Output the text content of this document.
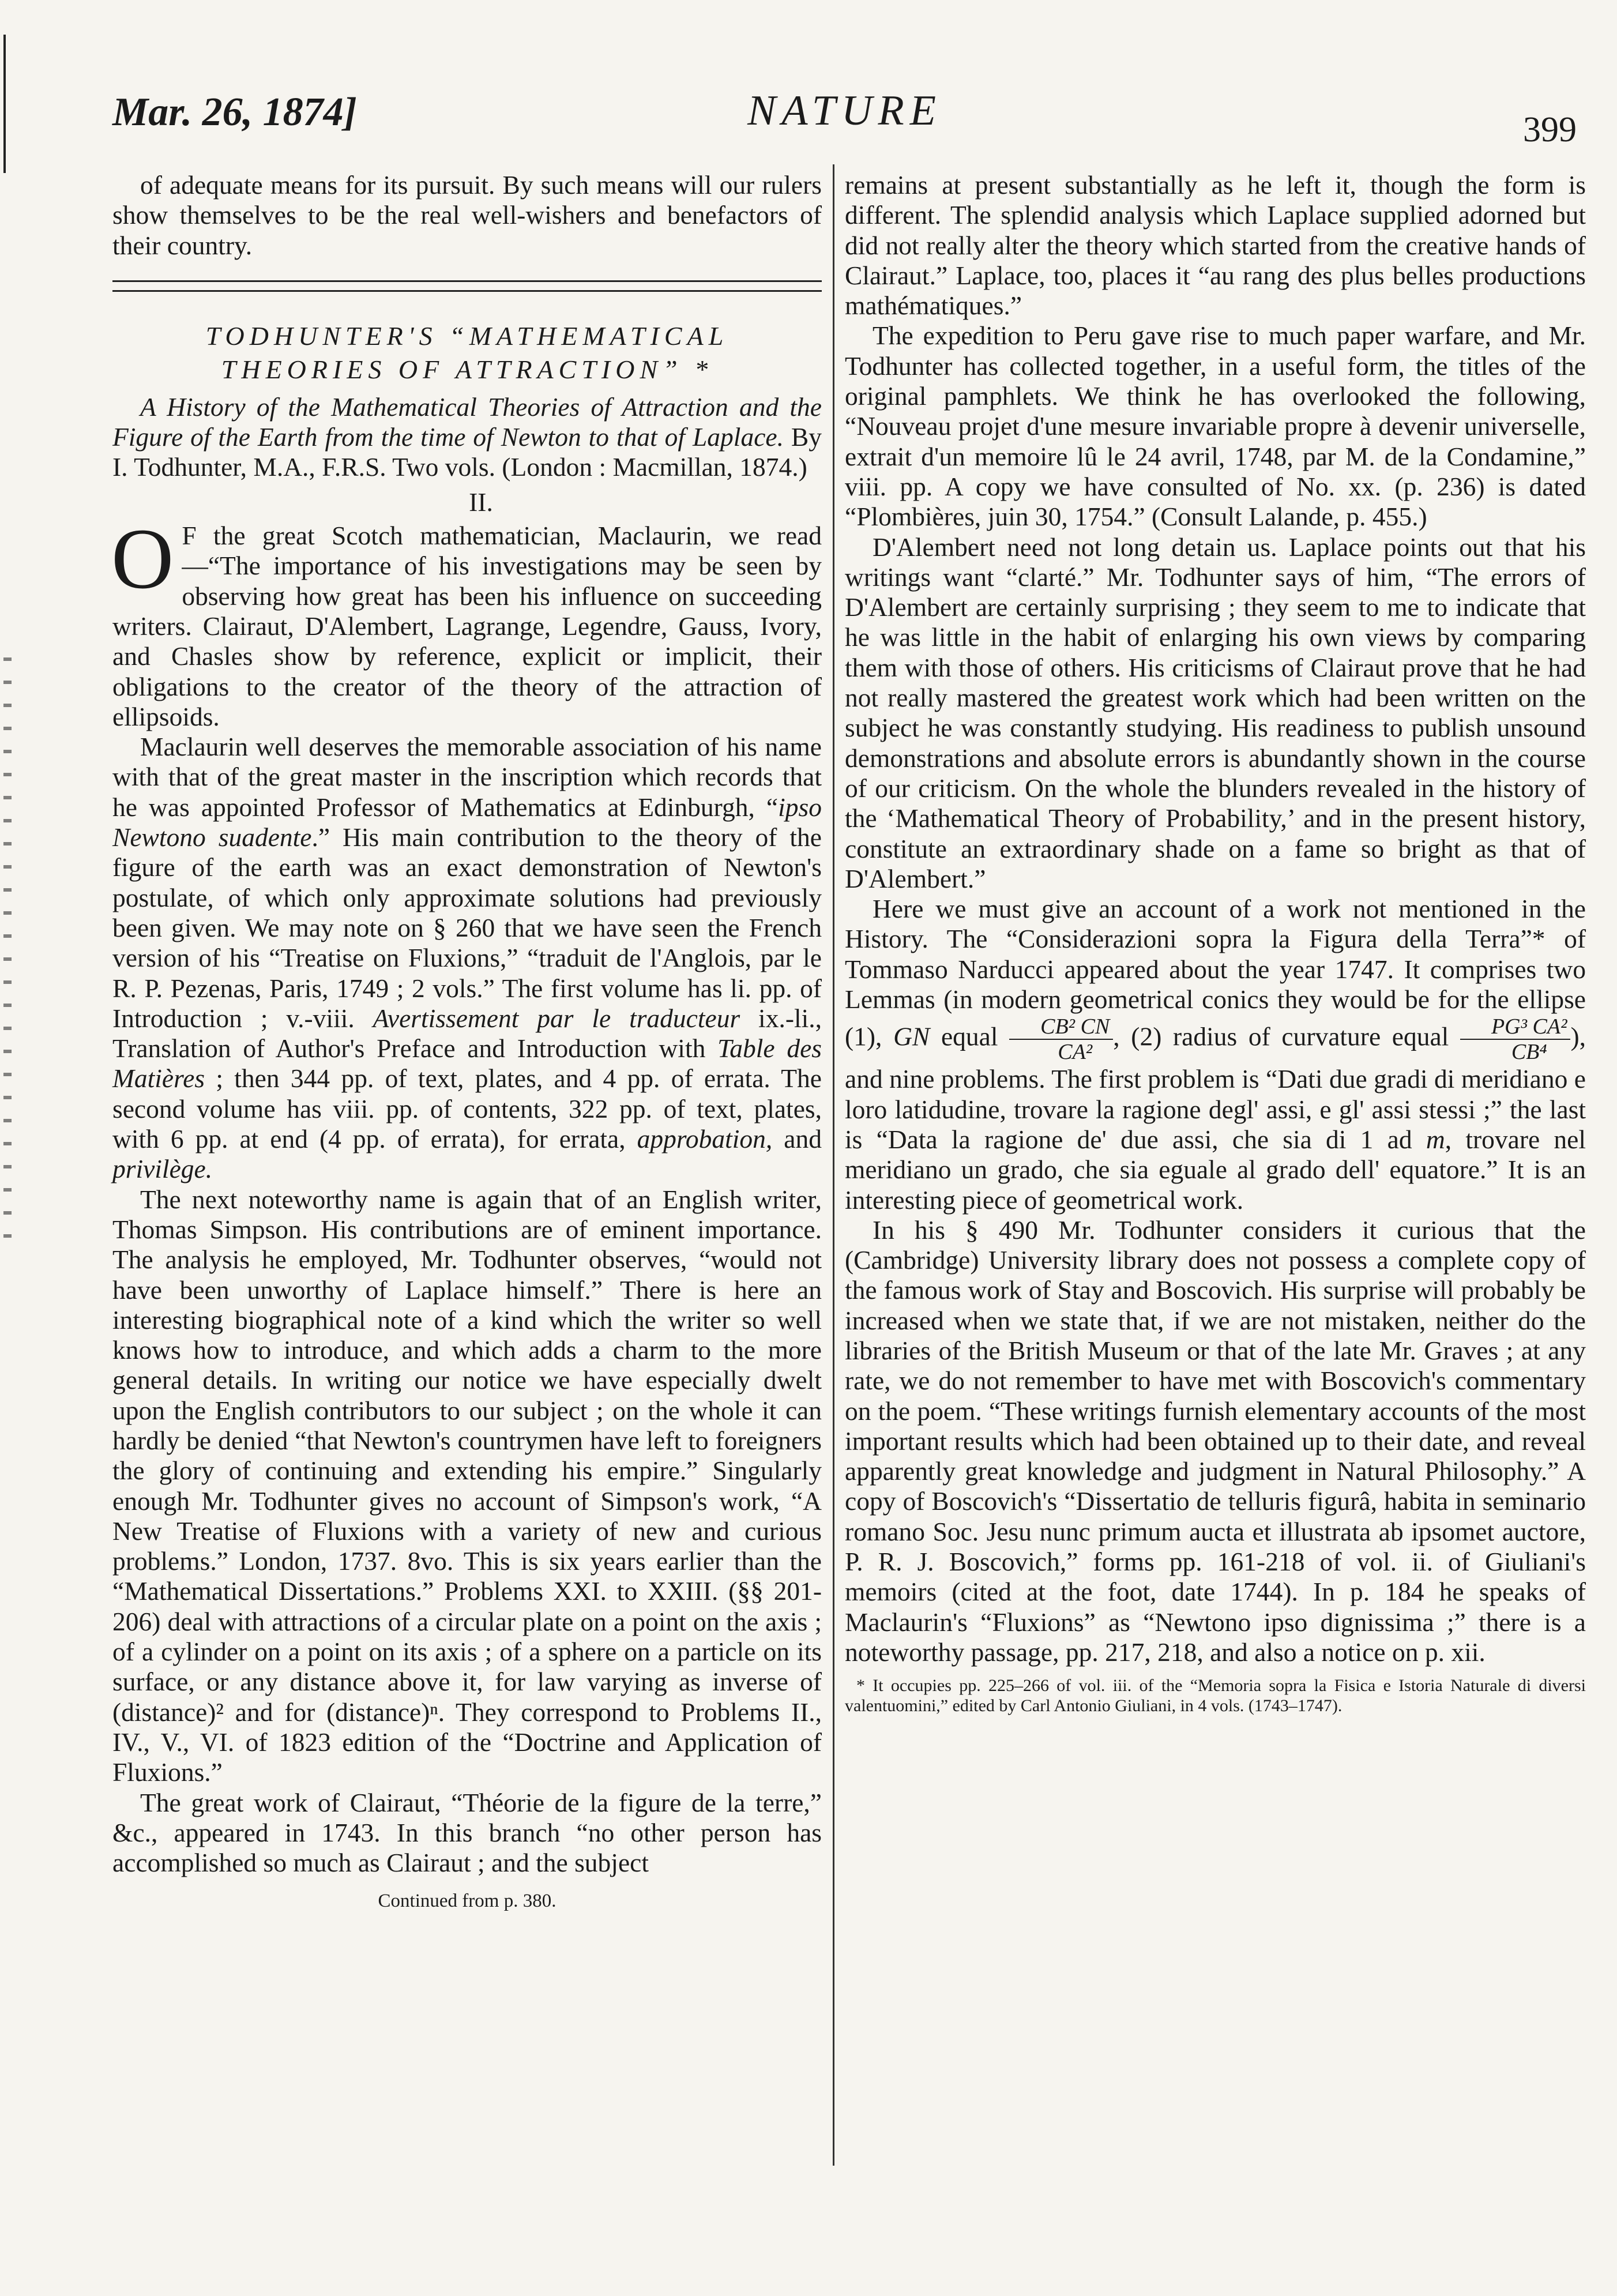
Mar. 26, 1874]	NATURE	399

of adequate means for its pursuit. By such means will our rulers show themselves to be the real well-wishers and benefactors of their country.

TODHUNTER'S “MATHEMATICAL
THEORIES OF ATTRACTION” *

A History of the Mathematical Theories of Attraction and the Figure of the Earth from the time of Newton to that of Laplace. By I. Todhunter, M.A., F.R.S. Two vols. (London : Macmillan, 1874.)

II.

O F the great Scotch mathematician, Maclaurin, we read—“The importance of his investigations may be seen by observing how great has been his influence on succeeding writers. Clairaut, D'Alembert, Lagrange, Legendre, Gauss, Ivory, and Chasles show by reference, explicit or implicit, their obligations to the creator of the theory of the attraction of ellipsoids.

Maclaurin well deserves the memorable association of his name with that of the great master in the inscription which records that he was appointed Professor of Mathematics at Edinburgh, “ipso Newtono suadente.” His main contribution to the theory of the figure of the earth was an exact demonstration of Newton's postulate, of which only approximate solutions had previously been given. We may note on § 260 that we have seen the French version of his “Treatise on Fluxions,” “traduit de l'Anglois, par le R. P. Pezenas, Paris, 1749 ; 2 vols.” The first volume has li. pp. of Introduction ; v.-viii. Avertissement par le traducteur ix.-li., Translation of Author's Preface and Introduction with Table des Matières ; then 344 pp. of text, plates, and 4 pp. of errata. The second volume has viii. pp. of contents, 322 pp. of text, plates, with 6 pp. at end (4 pp. of errata), for errata, approbation, and privilège.

The next noteworthy name is again that of an English writer, Thomas Simpson. His contributions are of eminent importance. The analysis he employed, Mr. Todhunter observes, “would not have been unworthy of Laplace himself.” There is here an interesting biographical note of a kind which the writer so well knows how to introduce, and which adds a charm to the more general details. In writing our notice we have especially dwelt upon the English contributors to our subject ; on the whole it can hardly be denied “that Newton's countrymen have left to foreigners the glory of continuing and extending his empire.” Singularly enough Mr. Todhunter gives no account of Simpson's work, “A New Treatise of Fluxions with a variety of new and curious problems.” London, 1737. 8vo. This is six years earlier than the “Mathematical Dissertations.” Problems XXI. to XXIII. (§§ 201-206) deal with attractions of a circular plate on a point on the axis ; of a cylinder on a point on its axis ; of a sphere on a particle on its surface, or any distance above it, for law varying as inverse of (distance)² and for (distance)ⁿ. They correspond to Problems II., IV., V., VI. of 1823 edition of the “Doctrine and Application of Fluxions.”

The great work of Clairaut, “Théorie de la figure de la terre,” &c., appeared in 1743. In this branch “no other person has accomplished so much as Clairaut ; and the subject

Continued from p. 380.

remains at present substantially as he left it, though the form is different. The splendid analysis which Laplace supplied adorned but did not really alter the theory which started from the creative hands of Clairaut.” Laplace, too, places it “au rang des plus belles productions mathématiques.”

The expedition to Peru gave rise to much paper warfare, and Mr. Todhunter has collected together, in a useful form, the titles of the original pamphlets. We think he has overlooked the following, “Nouveau projet d'une mesure invariable propre à devenir universelle, extrait d'un memoire lû le 24 avril, 1748, par M. de la Condamine,” viii. pp. A copy we have consulted of No. xx. (p. 236) is dated “Plombières, juin 30, 1754.” (Consult Lalande, p. 455.)

D'Alembert need not long detain us. Laplace points out that his writings want “clarté.” Mr. Todhunter says of him, “The errors of D'Alembert are certainly surprising ; they seem to me to indicate that he was little in the habit of enlarging his own views by comparing them with those of others. His criticisms of Clairaut prove that he had not really mastered the greatest work which had been written on the subject he was constantly studying. His readiness to publish unsound demonstrations and absolute errors is abundantly shown in the course of our criticism. On the whole the blunders revealed in the history of the ‘Mathematical Theory of Probability,’ and in the present history, constitute an extraordinary shade on a fame so bright as that of D'Alembert.”

Here we must give an account of a work not mentioned in the History. The “Considerazioni sopra la Figura della Terra”* of Tommaso Narducci appeared about the year 1747. It comprises two Lemmas (in modern geometrical conics they would be for the ellipse (1), GN equal $\frac{\text{CB² CN}}{\text{CA²}}$ , (2) radius of curvature equal $\frac{\text{PG³ CA²}}{\text{CB⁴}}$ ), and nine problems. The first problem is “Dati due gradi di meridiano e loro latidudine, trovare la ragione degl' assi, e gl' assi stessi ;” the last is “Data la ragione de' due assi, che sia di 1 ad m, trovare nel meridiano un grado, che sia eguale al grado dell' equatore.” It is an interesting piece of geometrical work.

In his § 490 Mr. Todhunter considers it curious that the (Cambridge) University library does not possess a complete copy of the famous work of Stay and Boscovich. His surprise will probably be increased when we state that, if we are not mistaken, neither do the libraries of the British Museum or that of the late Mr. Graves ; at any rate, we do not remember to have met with Boscovich's commentary on the poem. “These writings furnish elementary accounts of the most important results which had been obtained up to their date, and reveal apparently great knowledge and judgment in Natural Philosophy.” A copy of Boscovich's “Dissertatio de telluris figurâ, habita in seminario romano Soc. Jesu nunc primum aucta et illustrata ab ipsomet auctore, P. R. J. Boscovich,” forms pp. 161-218 of vol. ii. of Giuliani's memoirs (cited at the foot, date 1744). In p. 184 he speaks of Maclaurin's “Fluxions” as “Newtono ipso dignissima ;” there is a noteworthy passage, pp. 217, 218, and also a notice on p. xii.

* It occupies pp. 225–266 of vol. iii. of the “Memoria sopra la Fisica e Istoria Naturale di diversi valentuomini,” edited by Carl Antonio Giuliani, in 4 vols. (1743–1747).
